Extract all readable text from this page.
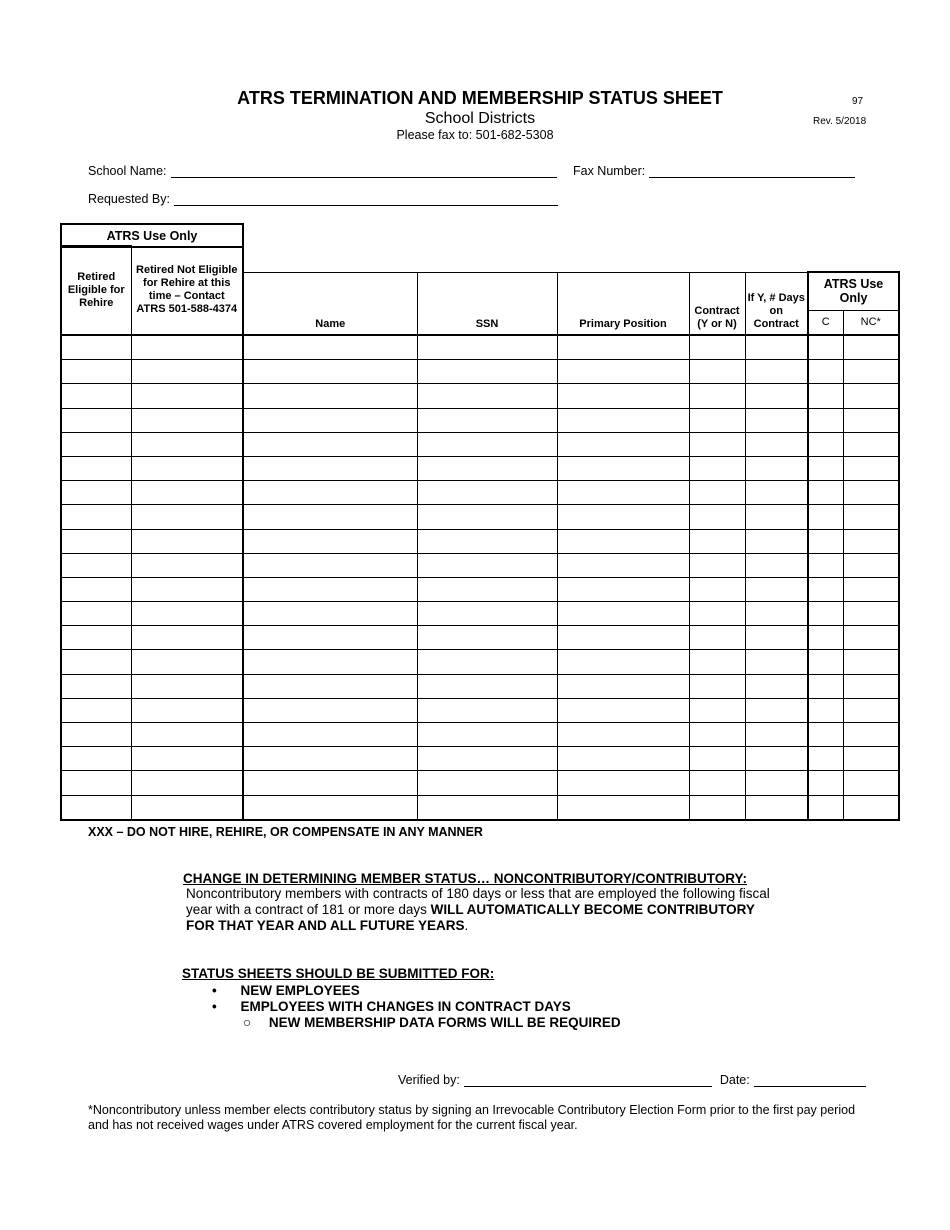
ATRS TERMINATION AND MEMBERSHIP STATUS SHEET
School Districts
Please fax to: 501-682-5308
97
Rev. 5/2018
School Name:	Fax Number:
Requested By:
ATRS Use Only
Retired Eligible for Rehire	Retired Not Eligible for Rehire at this time – Contact ATRS 501-588-4374							
		Name	SSN	Primary Position	Contract (Y or N)	If Y, # Days on Contract	ATRS Use Only	
							C	NC*

XXX – DO NOT HIRE, REHIRE, OR COMPENSATE IN ANY MANNER
CHANGE IN DETERMINING MEMBER STATUS… NONCONTRIBUTORY/CONTRIBUTORY:
Noncontributory members with contracts of 180 days or less that are employed the following fiscal year with a contract of 181 or more days WILL AUTOMATICALLY BECOME CONTRIBUTORY FOR THAT YEAR AND ALL FUTURE YEARS.
STATUS SHEETS SHOULD BE SUBMITTED FOR:
• NEW EMPLOYEES
• EMPLOYEES WITH CHANGES IN CONTRACT DAYS
○ NEW MEMBERSHIP DATA FORMS WILL BE REQUIRED
Verified by:	Date:
*Noncontributory unless member elects contributory status by signing an Irrevocable Contributory Election Form prior to the first pay period and has not received wages under ATRS covered employment for the current fiscal year.
